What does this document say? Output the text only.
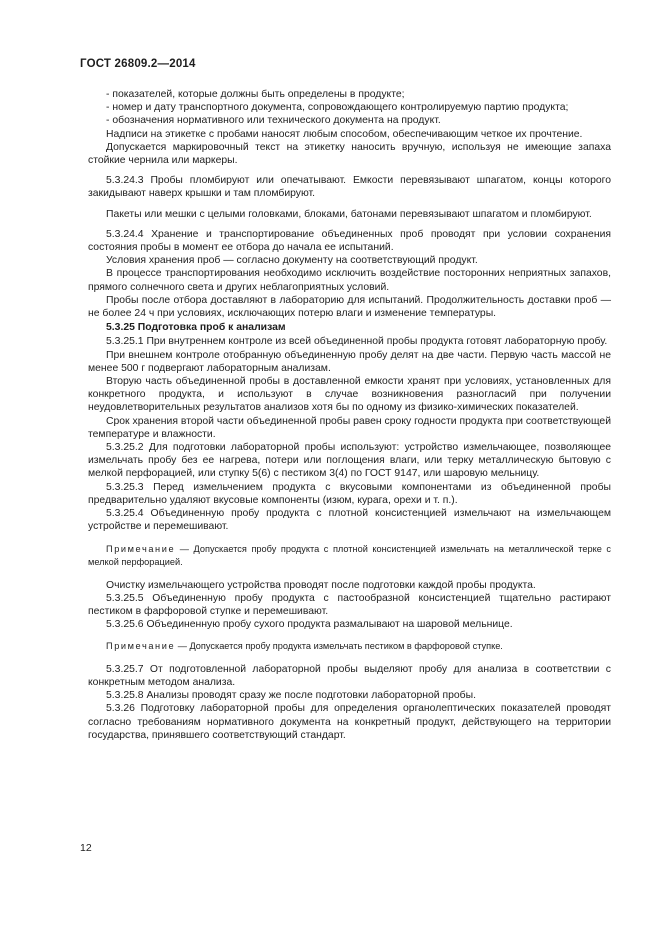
ГОСТ 26809.2—2014

- показателей, которые должны быть определены в продукте;

- номер и дату транспортного документа, сопровождающего контролируемую партию продукта;

- обозначения нормативного или технического документа на продукт.

Надписи на этикетке с пробами наносят любым способом, обеспечивающим четкое их прочтение.

Допускается маркировочный текст на этикетку наносить вручную, используя не имеющие запаха стойкие чернила или маркеры.

5.3.24.3 Пробы пломбируют или опечатывают. Емкости перевязывают шпагатом, концы которого закидывают наверх крышки и там пломбируют.

Пакеты или мешки с целыми головками, блоками, батонами перевязывают шпагатом и пломбируют.

5.3.24.4 Хранение и транспортирование объединенных проб проводят при условии сохранения состояния пробы в момент ее отбора до начала ее испытаний.

Условия хранения проб — согласно документу на соответствующий продукт.

В процессе транспортирования необходимо исключить воздействие посторонних неприятных запахов, прямого солнечного света и других неблагоприятных условий.

Пробы после отбора доставляют в лабораторию для испытаний. Продолжительность доставки проб — не более 24 ч при условиях, исключающих потерю влаги и изменение температуры.

5.3.25 Подготовка проб к анализам

5.3.25.1 При внутреннем контроле из всей объединенной пробы продукта готовят лабораторную пробу.

При внешнем контроле отобранную объединенную пробу делят на две части. Первую часть массой не менее 500 г подвергают лабораторным анализам.

Вторую часть объединенной пробы в доставленной емкости хранят при условиях, установленных для конкретного продукта, и используют в случае возникновения разногласий при получении неудовлетворительных результатов анализов хотя бы по одному из физико-химических показателей.

Срок хранения второй части объединенной пробы равен сроку годности продукта при соответствующей температуре и влажности.

5.3.25.2 Для подготовки лабораторной пробы используют: устройство измельчающее, позволяющее измельчать пробу без ее нагрева, потери или поглощения влаги, или терку металлическую бытовую с мелкой перфорацией, или ступку 5(6) с пестиком 3(4) по ГОСТ 9147, или шаровую мельницу.

5.3.25.3 Перед измельчением продукта с вкусовыми компонентами из объединенной пробы предварительно удаляют вкусовые компоненты (изюм, курага, орехи и т. п.).

5.3.25.4 Объединенную пробу продукта с плотной консистенцией измельчают на измельчающем устройстве и перемешивают.

Примечание — Допускается пробу продукта с плотной консистенцией измельчать на металлической терке с мелкой перфорацией.

Очистку измельчающего устройства проводят после подготовки каждой пробы продукта.

5.3.25.5 Объединенную пробу продукта с пастообразной консистенцией тщательно растирают пестиком в фарфоровой ступке и перемешивают.

5.3.25.6 Объединенную пробу сухого продукта размалывают на шаровой мельнице.

Примечание — Допускается пробу продукта измельчать пестиком в фарфоровой ступке.

5.3.25.7 От подготовленной лабораторной пробы выделяют пробу для анализа в соответствии с конкретным методом анализа.

5.3.25.8 Анализы проводят сразу же после подготовки лабораторной пробы.

5.3.26 Подготовку лабораторной пробы для определения органолептических показателей проводят согласно требованиям нормативного документа на конкретный продукт, действующего на территории государства, принявшего соответствующий стандарт.

12
